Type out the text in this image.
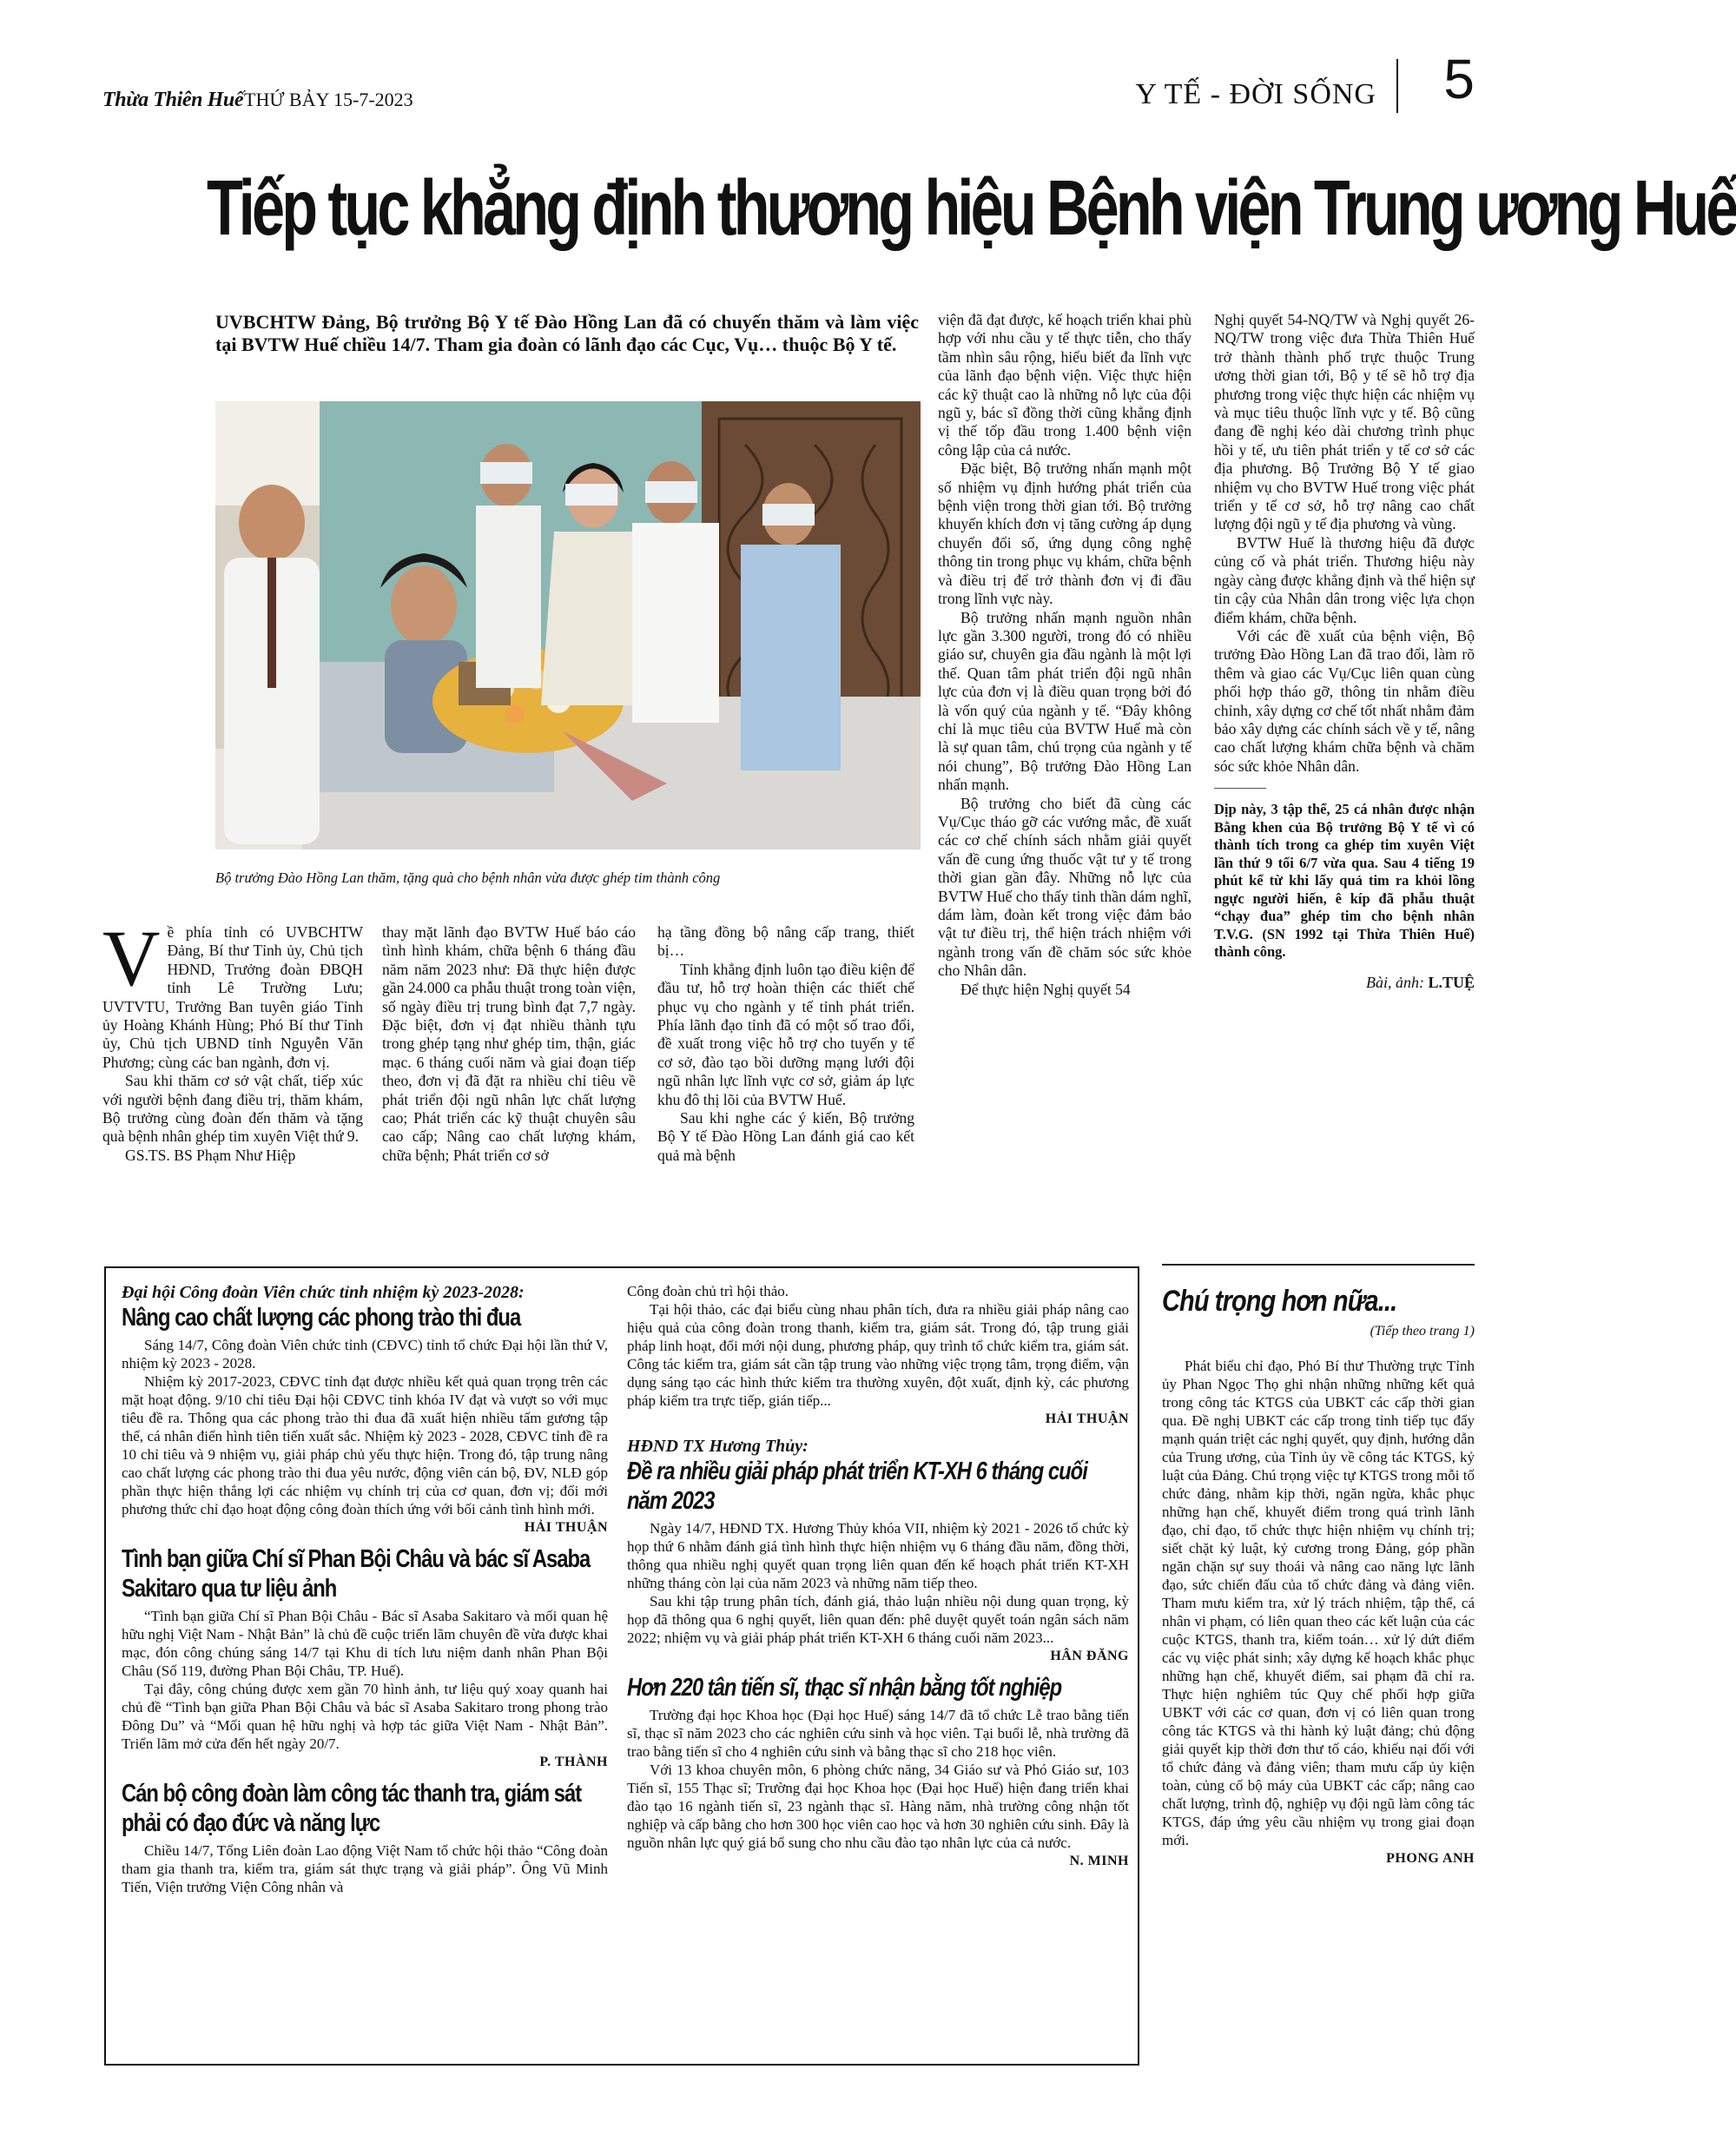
Thừa Thiên Huế THỨ BẢY 15-7-2023	Y TẾ - ĐỜI SỐNG 5
Tiếp tục khẳng định thương hiệu Bệnh viện Trung ương Huế
UVBCHTW Đảng, Bộ trưởng Bộ Y tế Đào Hồng Lan đã có chuyến thăm và làm việc tại BVTW Huế chiều 14/7. Tham gia đoàn có lãnh đạo các Cục, Vụ… thuộc Bộ Y tế.
Bộ trưởng Đào Hồng Lan thăm, tặng quà cho bệnh nhân vừa được ghép tim thành công

Về phía tỉnh có UVBCHTW Đảng, Bí thư Tỉnh ủy, Chủ tịch HĐND, Trưởng đoàn ĐBQH tỉnh Lê Trường Lưu; UVTVTU, Trưởng Ban tuyên giáo Tỉnh ủy Hoàng Khánh Hùng; Phó Bí thư Tỉnh ủy, Chủ tịch UBND tỉnh Nguyễn Văn Phương; cùng các ban ngành, đơn vị.

Sau khi thăm cơ sở vật chất, tiếp xúc với người bệnh đang điều trị, thăm khám, Bộ trưởng cùng đoàn đến thăm và tặng quà bệnh nhân ghép tim xuyên Việt thứ 9.

GS.TS. BS Phạm Như Hiệp

thay mặt lãnh đạo BVTW Huế báo cáo tình hình khám, chữa bệnh 6 tháng đầu năm năm 2023 như: Đã thực hiện được gần 24.000 ca phẫu thuật trong toàn viện, số ngày điều trị trung bình đạt 7,7 ngày. Đặc biệt, đơn vị đạt nhiều thành tựu trong ghép tạng như ghép tim, thận, giác mạc. 6 tháng cuối năm và giai đoạn tiếp theo, đơn vị đã đặt ra nhiều chỉ tiêu về phát triển đội ngũ nhân lực chất lượng cao; Phát triển các kỹ thuật chuyên sâu cao cấp; Nâng cao chất lượng khám, chữa bệnh; Phát triển cơ sở

hạ tầng đồng bộ nâng cấp trang, thiết bị…

Tỉnh khẳng định luôn tạo điều kiện để đầu tư, hỗ trợ hoàn thiện các thiết chế phục vụ cho ngành y tế tỉnh phát triển. Phía lãnh đạo tỉnh đã có một số trao đổi, đề xuất trong việc hỗ trợ cho tuyến y tế cơ sở, đào tạo bồi dưỡng mạng lưới đội ngũ nhân lực lĩnh vực cơ sở, giảm áp lực khu đô thị lõi của BVTW Huế.

Sau khi nghe các ý kiến, Bộ trưởng Bộ Y tế Đào Hồng Lan đánh giá cao kết quả mà bệnh

viện đã đạt được, kế hoạch triển khai phù hợp với nhu cầu y tế thực tiễn, cho thấy tầm nhìn sâu rộng, hiểu biết đa lĩnh vực của lãnh đạo bệnh viện. Việc thực hiện các kỹ thuật cao là những nỗ lực của đội ngũ y, bác sĩ đồng thời cũng khẳng định vị thế tốp đầu trong 1.400 bệnh viện công lập của cả nước.

Đặc biệt, Bộ trưởng nhấn mạnh một số nhiệm vụ định hướng phát triển của bệnh viện trong thời gian tới. Bộ trưởng khuyến khích đơn vị tăng cường áp dụng chuyển đổi số, ứng dụng công nghệ thông tin trong phục vụ khám, chữa bệnh và điều trị để trở thành đơn vị đi đầu trong lĩnh vực này.

Bộ trưởng nhấn mạnh nguồn nhân lực gần 3.300 người, trong đó có nhiều giáo sư, chuyên gia đầu ngành là một lợi thế. Quan tâm phát triển đội ngũ nhân lực của đơn vị là điều quan trọng bởi đó là vốn quý của ngành y tế. “Đây không chỉ là mục tiêu của BVTW Huế mà còn là sự quan tâm, chú trọng của ngành y tế nói chung”, Bộ trưởng Đào Hồng Lan nhấn mạnh.

Bộ trưởng cho biết đã cùng các Vụ/Cục tháo gỡ các vướng mắc, đề xuất các cơ chế chính sách nhằm giải quyết vấn đề cung ứng thuốc vật tư y tế trong thời gian gần đây. Những nỗ lực của BVTW Huế cho thấy tinh thần dám nghĩ, dám làm, đoàn kết trong việc đảm bảo vật tư điều trị, thể hiện trách nhiệm với ngành trong vấn đề chăm sóc sức khỏe cho Nhân dân.

Để thực hiện Nghị quyết 54

Nghị quyết 54-NQ/TW và Nghị quyết 26-NQ/TW trong việc đưa Thừa Thiên Huế trở thành thành phố trực thuộc Trung ương thời gian tới, Bộ y tế sẽ hỗ trợ địa phương trong việc thực hiện các nhiệm vụ và mục tiêu thuộc lĩnh vực y tế. Bộ cũng đang đề nghị kéo dài chương trình phục hồi y tế, ưu tiên phát triển y tế cơ sở các địa phương. Bộ Trưởng Bộ Y tế giao nhiệm vụ cho BVTW Huế trong việc phát triển y tế cơ sở, hỗ trợ nâng cao chất lượng đội ngũ y tế địa phương và vùng.

BVTW Huế là thương hiệu đã được củng cố và phát triển. Thương hiệu này ngày càng được khẳng định và thể hiện sự tin cậy của Nhân dân trong việc lựa chọn điểm khám, chữa bệnh.

Với các đề xuất của bệnh viện, Bộ trưởng Đào Hồng Lan đã trao đổi, làm rõ thêm và giao các Vụ/Cục liên quan cùng phối hợp tháo gỡ, thông tin nhằm điều chỉnh, xây dựng cơ chế tốt nhất nhằm đảm bảo xây dựng các chính sách về y tế, nâng cao chất lượng khám chữa bệnh và chăm sóc sức khỏe Nhân dân.

Dịp này, 3 tập thể, 25 cá nhân được nhận Bằng khen của Bộ trưởng Bộ Y tế vì có thành tích trong ca ghép tim xuyên Việt lần thứ 9 tối 6/7 vừa qua. Sau 4 tiếng 19 phút kể từ khi lấy quả tim ra khỏi lồng ngực người hiến, ê kíp đã phẫu thuật “chạy đua” ghép tim cho bệnh nhân T.V.G. (SN 1992 tại Thừa Thiên Huế) thành công.
Bài, ảnh: L.TUỆ
Đại hội Công đoàn Viên chức tỉnh nhiệm kỳ 2023-2028:
Nâng cao chất lượng các phong trào thi đua

Sáng 14/7, Công đoàn Viên chức tỉnh (CĐVC) tỉnh tổ chức Đại hội lần thứ V, nhiệm kỳ 2023 - 2028.

Nhiệm kỳ 2017-2023, CĐVC tỉnh đạt được nhiều kết quả quan trọng trên các mặt hoạt động. 9/10 chỉ tiêu Đại hội CĐVC tỉnh khóa IV đạt và vượt so với mục tiêu đề ra. Thông qua các phong trào thi đua đã xuất hiện nhiều tấm gương tập thể, cá nhân điển hình tiên tiến xuất sắc. Nhiệm kỳ 2023 - 2028, CĐVC tỉnh đề ra 10 chỉ tiêu và 9 nhiệm vụ, giải pháp chủ yếu thực hiện. Trong đó, tập trung nâng cao chất lượng các phong trào thi đua yêu nước, động viên cán bộ, ĐV, NLĐ góp phần thực hiện thắng lợi các nhiệm vụ chính trị của cơ quan, đơn vị; đổi mới phương thức chỉ đạo hoạt động công đoàn thích ứng với bối cảnh tình hình mới.

HẢI THUẬN
Tình bạn giữa Chí sĩ Phan Bội Châu và bác sĩ Asaba Sakitaro qua tư liệu ảnh

“Tình bạn giữa Chí sĩ Phan Bội Châu - Bác sĩ Asaba Sakitaro và mối quan hệ hữu nghị Việt Nam - Nhật Bản” là chủ đề cuộc triển lãm chuyên đề vừa được khai mạc, đón công chúng sáng 14/7 tại Khu di tích lưu niệm danh nhân Phan Bội Châu (Số 119, đường Phan Bội Châu, TP. Huế).

Tại đây, công chúng được xem gần 70 hình ảnh, tư liệu quý xoay quanh hai chủ đề “Tình bạn giữa Phan Bội Châu và bác sĩ Asaba Sakitaro trong phong trào Đông Du” và “Mối quan hệ hữu nghị và hợp tác giữa Việt Nam - Nhật Bản”. Triển lãm mở cửa đến hết ngày 20/7.

P. THÀNH
Cán bộ công đoàn làm công tác thanh tra, giám sát phải có đạo đức và năng lực

Chiều 14/7, Tổng Liên đoàn Lao động Việt Nam tổ chức hội thảo “Công đoàn tham gia thanh tra, kiểm tra, giám sát thực trạng và giải pháp”. Ông Vũ Minh Tiến, Viện trưởng Viện Công nhân và

Công đoàn chủ trì hội thảo.

Tại hội thảo, các đại biểu cùng nhau phân tích, đưa ra nhiều giải pháp nâng cao hiệu quả của công đoàn trong thanh, kiểm tra, giám sát. Trong đó, tập trung giải pháp linh hoạt, đổi mới nội dung, phương pháp, quy trình tổ chức kiểm tra, giám sát. Công tác kiểm tra, giám sát cần tập trung vào những việc trọng tâm, trọng điểm, vận dụng sáng tạo các hình thức kiểm tra thường xuyên, đột xuất, định kỳ, các phương pháp kiểm tra trực tiếp, gián tiếp...

HẢI THUẬN
HĐND TX Hương Thủy:
Đề ra nhiều giải pháp phát triển KT-XH 6 tháng cuối năm 2023

Ngày 14/7, HĐND TX. Hương Thủy khóa VII, nhiệm kỳ 2021 - 2026 tổ chức kỳ họp thứ 6 nhằm đánh giá tình hình thực hiện nhiệm vụ 6 tháng đầu năm, đồng thời, thông qua nhiều nghị quyết quan trọng liên quan đến kế hoạch phát triển KT-XH những tháng còn lại của năm 2023 và những năm tiếp theo.

Sau khi tập trung phân tích, đánh giá, thảo luận nhiều nội dung quan trọng, kỳ họp đã thông qua 6 nghị quyết, liên quan đến: phê duyệt quyết toán ngân sách năm 2022; nhiệm vụ và giải pháp phát triển KT-XH 6 tháng cuối năm 2023...

HÂN ĐĂNG
Hơn 220 tân tiến sĩ, thạc sĩ nhận bằng tốt nghiệp

Trường đại học Khoa học (Đại học Huế) sáng 14/7 đã tổ chức Lễ trao bằng tiến sĩ, thạc sĩ năm 2023 cho các nghiên cứu sinh và học viên. Tại buổi lễ, nhà trường đã trao bằng tiến sĩ cho 4 nghiên cứu sinh và bằng thạc sĩ cho 218 học viên.

Với 13 khoa chuyên môn, 6 phòng chức năng, 34 Giáo sư và Phó Giáo sư, 103 Tiến sĩ, 155 Thạc sĩ; Trường đại học Khoa học (Đại học Huế) hiện đang triển khai đào tạo 16 ngành tiến sĩ, 23 ngành thạc sĩ. Hàng năm, nhà trường công nhận tốt nghiệp và cấp bằng cho hơn 300 học viên cao học và hơn 30 nghiên cứu sinh. Đây là nguồn nhân lực quý giá bổ sung cho nhu cầu đào tạo nhân lực của cả nước.

N. MINH
Chú trọng hơn nữa...
(Tiếp theo trang 1)

Phát biểu chỉ đạo, Phó Bí thư Thường trực Tỉnh ủy Phan Ngọc Thọ ghi nhận những những kết quả trong công tác KTGS của UBKT các cấp thời gian qua. Đề nghị UBKT các cấp trong tỉnh tiếp tục đẩy mạnh quán triệt các nghị quyết, quy định, hướng dẫn của Trung ương, của Tỉnh ủy về công tác KTGS, kỷ luật của Đảng. Chú trọng việc tự KTGS trong mỗi tổ chức đảng, nhằm kịp thời, ngăn ngừa, khắc phục những hạn chế, khuyết điểm trong quá trình lãnh đạo, chỉ đạo, tổ chức thực hiện nhiệm vụ chính trị; siết chặt kỷ luật, kỷ cương trong Đảng, góp phần ngăn chặn sự suy thoái và nâng cao năng lực lãnh đạo, sức chiến đấu của tổ chức đảng và đảng viên. Tham mưu kiểm tra, xử lý trách nhiệm, tập thể, cá nhân vi phạm, có liên quan theo các kết luận của các cuộc KTGS, thanh tra, kiểm toán… xử lý dứt điểm các vụ việc phát sinh; xây dựng kế hoạch khắc phục những hạn chế, khuyết điểm, sai phạm đã chỉ ra. Thực hiện nghiêm túc Quy chế phối hợp giữa UBKT với các cơ quan, đơn vị có liên quan trong công tác KTGS và thi hành kỷ luật đảng; chủ động giải quyết kịp thời đơn thư tố cáo, khiếu nại đối với tổ chức đảng và đảng viên; tham mưu cấp ủy kiện toàn, củng cố bộ máy của UBKT các cấp; nâng cao chất lượng, trình độ, nghiệp vụ đội ngũ làm công tác KTGS, đáp ứng yêu cầu nhiệm vụ trong giai đoạn mới.

PHONG ANH
